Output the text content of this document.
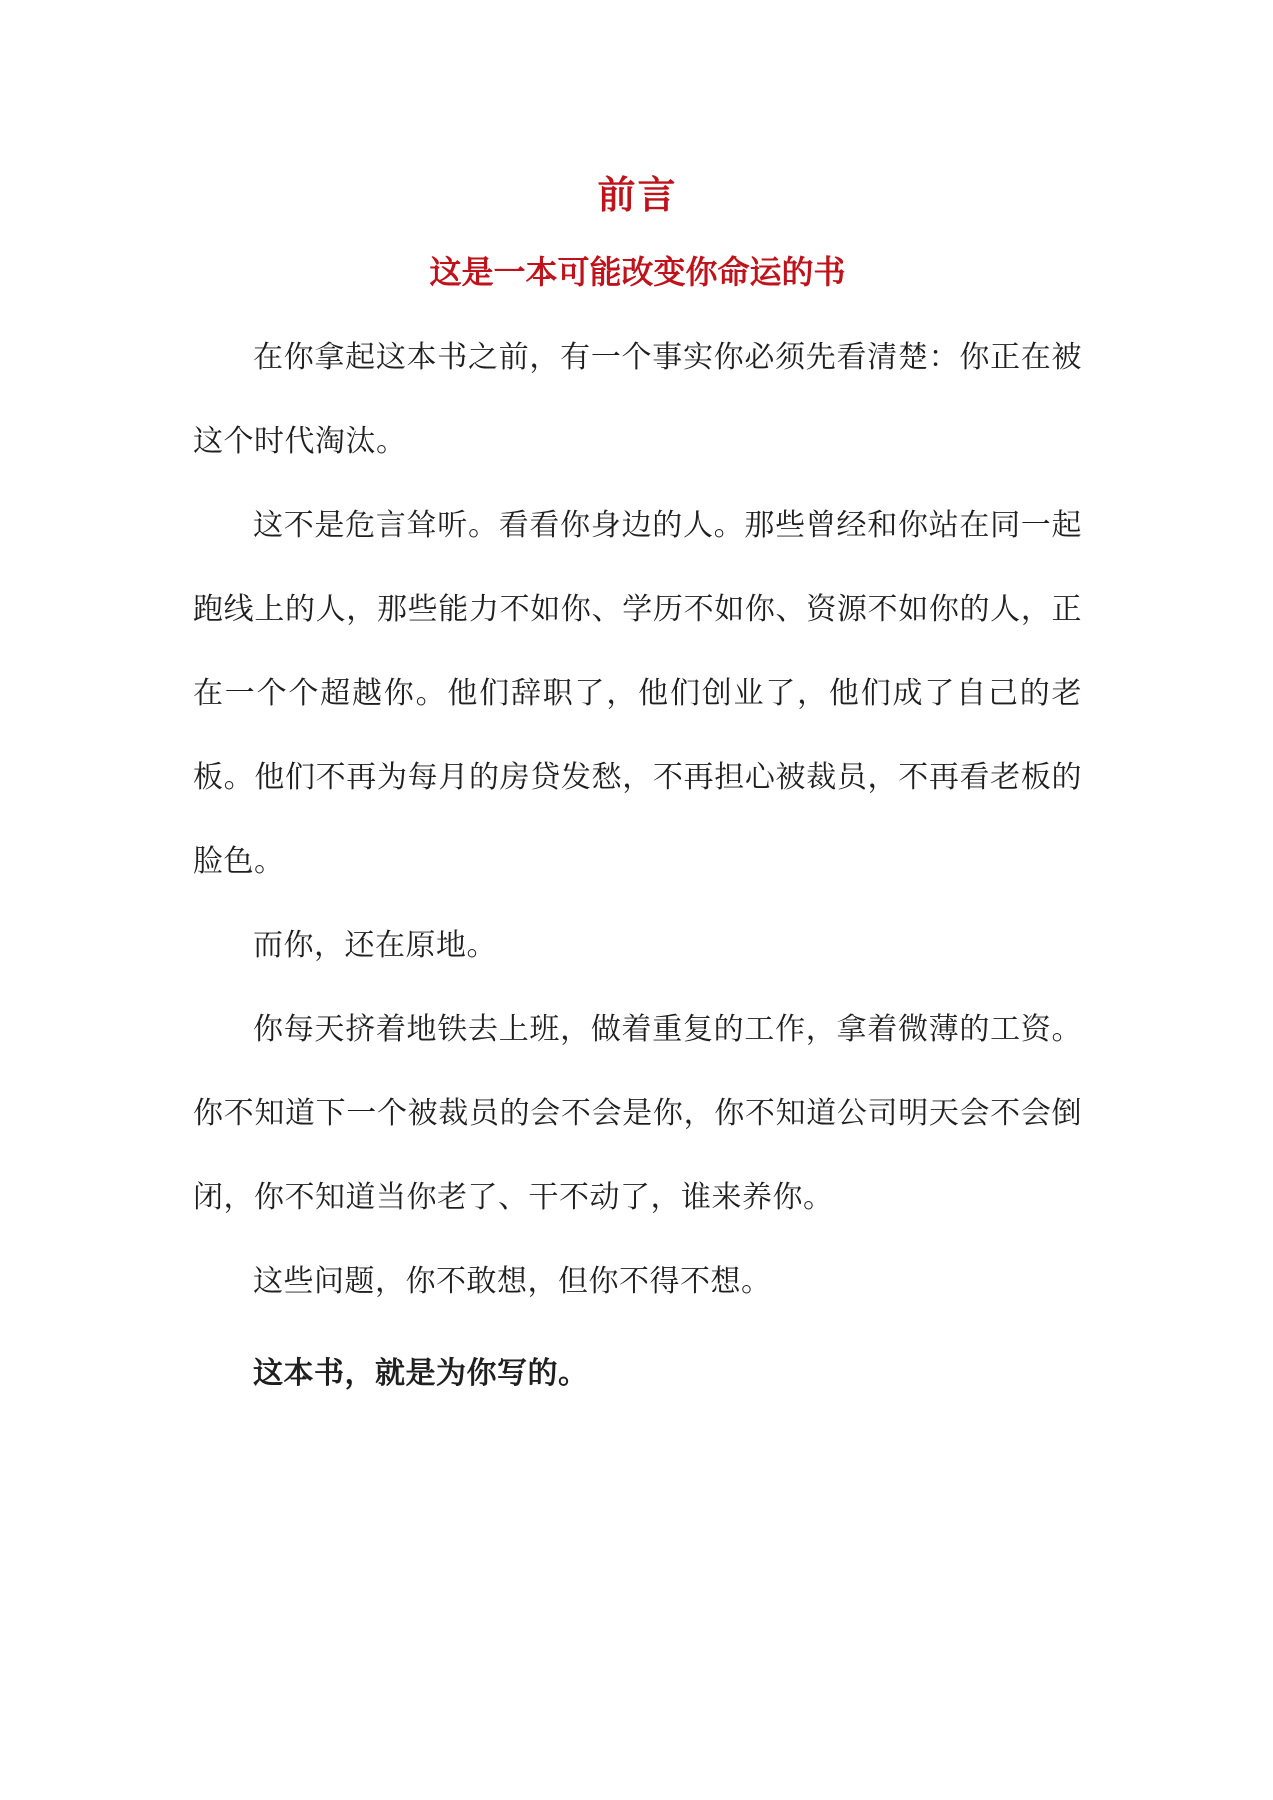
前言
这是一本可能改变你命运的书

在你拿起这本书之前，有一个事实你必须先看清楚：你正在被这个时代淘汰。

这不是危言耸听。看看你身边的人。那些曾经和你站在同一起跑线上的人，那些能力不如你、学历不如你、资源不如你的人，正在一个个超越你。他们辞职了，他们创业了，他们成了自己的老板。他们不再为每月的房贷发愁，不再担心被裁员，不再看老板的脸色。

而你，还在原地。

你每天挤着地铁去上班，做着重复的工作，拿着微薄的工资。你不知道下一个被裁员的会不会是你，你不知道公司明天会不会倒闭，你不知道当你老了、干不动了，谁来养你。

这些问题，你不敢想，但你不得不想。

这本书，就是为你写的。
